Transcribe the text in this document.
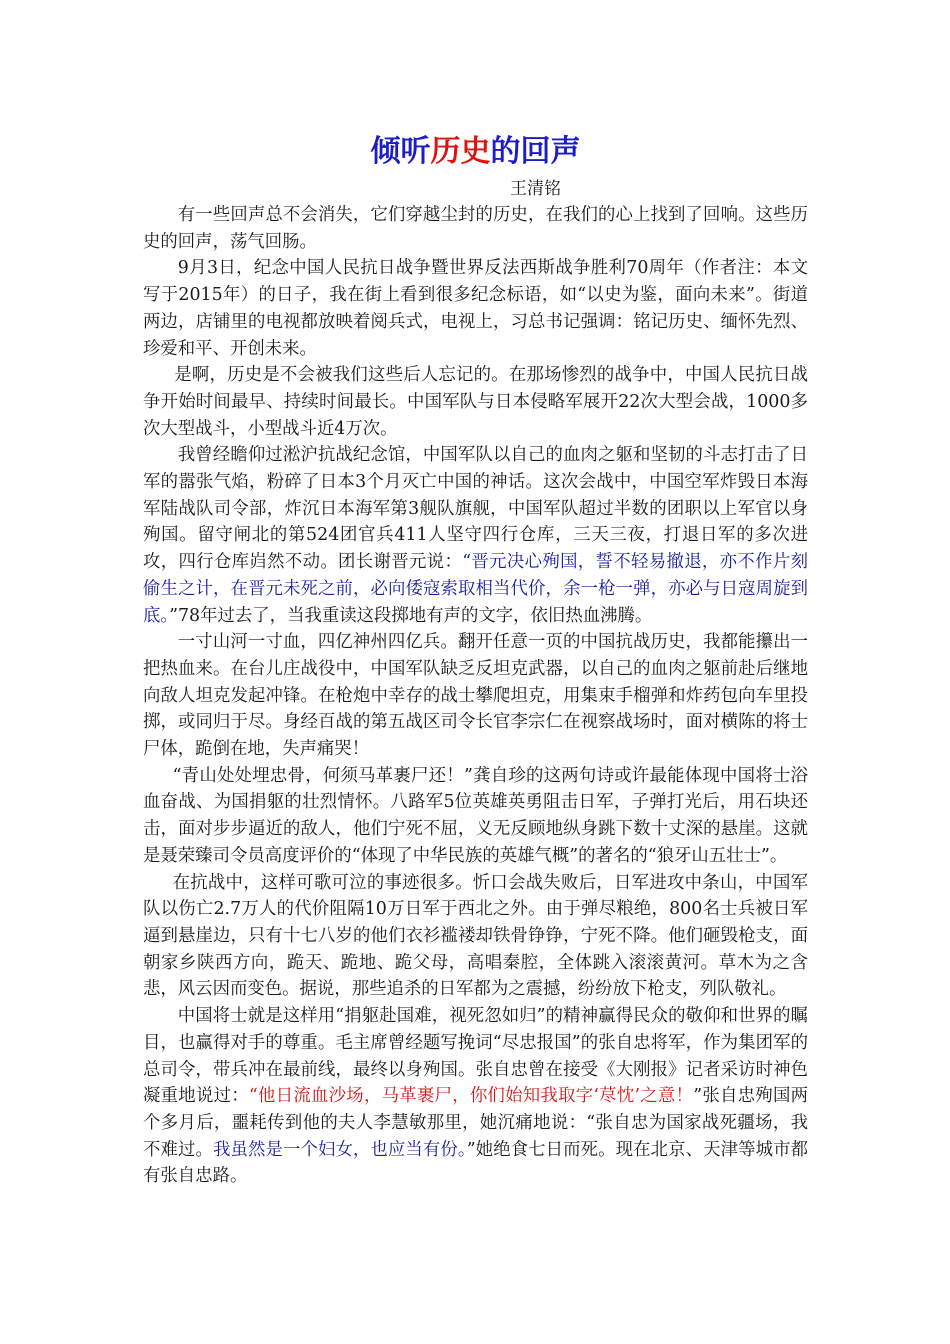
倾听历史的回声
王清铭

有一些回声总不会消失，它们穿越尘封的历史，在我们的心上找到了回响。这些历史的回声，荡气回肠。

9月3日，纪念中国人民抗日战争暨世界反法西斯战争胜利70周年（作者注：本文写于2015年）的日子，我在街上看到很多纪念标语，如“以史为鉴，面向未来”。街道两边，店铺里的电视都放映着阅兵式，电视上，习总书记强调：铭记历史、缅怀先烈、珍爱和平、开创未来。

是啊，历史是不会被我们这些后人忘记的。在那场惨烈的战争中，中国人民抗日战争开始时间最早、持续时间最长。中国军队与日本侵略军展开22次大型会战，1000多次大型战斗，小型战斗近4万次。

我曾经瞻仰过淞沪抗战纪念馆，中国军队以自己的血肉之躯和坚韧的斗志打击了日军的嚣张气焰，粉碎了日本3个月灭亡中国的神话。这次会战中，中国空军炸毁日本海军陆战队司令部，炸沉日本海军第3舰队旗舰，中国军队超过半数的团职以上军官以身殉国。留守闸北的第524团官兵411人坚守四行仓库，三天三夜，打退日军的多次进攻，四行仓库岿然不动。团长谢晋元说：“晋元决心殉国，誓不轻易撤退，亦不作片刻偷生之计，在晋元未死之前，必向倭寇索取相当代价，余一枪一弹，亦必与日寇周旋到底。”78年过去了，当我重读这段掷地有声的文字，依旧热血沸腾。

一寸山河一寸血，四亿神州四亿兵。翻开任意一页的中国抗战历史，我都能攥出一把热血来。在台儿庄战役中，中国军队缺乏反坦克武器，以自己的血肉之躯前赴后继地向敌人坦克发起冲锋。在枪炮中幸存的战士攀爬坦克，用集束手榴弹和炸药包向车里投掷，或同归于尽。身经百战的第五战区司令长官李宗仁在视察战场时，面对横陈的将士尸体，跪倒在地，失声痛哭！

“青山处处埋忠骨，何须马革裹尸还！”龚自珍的这两句诗或许最能体现中国将士浴血奋战、为国捐躯的壮烈情怀。八路军5位英雄英勇阻击日军，子弹打光后，用石块还击，面对步步逼近的敌人，他们宁死不屈，义无反顾地纵身跳下数十丈深的悬崖。这就是聂荣臻司令员高度评价的“体现了中华民族的英雄气概”的著名的“狼牙山五壮士”。

在抗战中，这样可歌可泣的事迹很多。忻口会战失败后，日军进攻中条山，中国军队以伤亡2.7万人的代价阻隔10万日军于西北之外。由于弹尽粮绝，800名士兵被日军逼到悬崖边，只有十七八岁的他们衣衫褴褛却铁骨铮铮，宁死不降。他们砸毁枪支，面朝家乡陕西方向，跪天、跪地、跪父母，高唱秦腔，全体跳入滚滚黄河。草木为之含悲，风云因而变色。据说，那些追杀的日军都为之震撼，纷纷放下枪支，列队敬礼。

中国将士就是这样用“捐躯赴国难，视死忽如归”的精神赢得民众的敬仰和世界的瞩目，也赢得对手的尊重。毛主席曾经题写挽词“尽忠报国”的张自忠将军，作为集团军的总司令，带兵冲在最前线，最终以身殉国。张自忠曾在接受《大刚报》记者采访时神色凝重地说过：“他日流血沙场，马革裹尸，你们始知我取字‘荩忱’之意！”张自忠殉国两个多月后，噩耗传到他的夫人李慧敏那里，她沉痛地说：“张自忠为国家战死疆场，我不难过。我虽然是一个妇女，也应当有份。”她绝食七日而死。现在北京、天津等城市都有张自忠路。
